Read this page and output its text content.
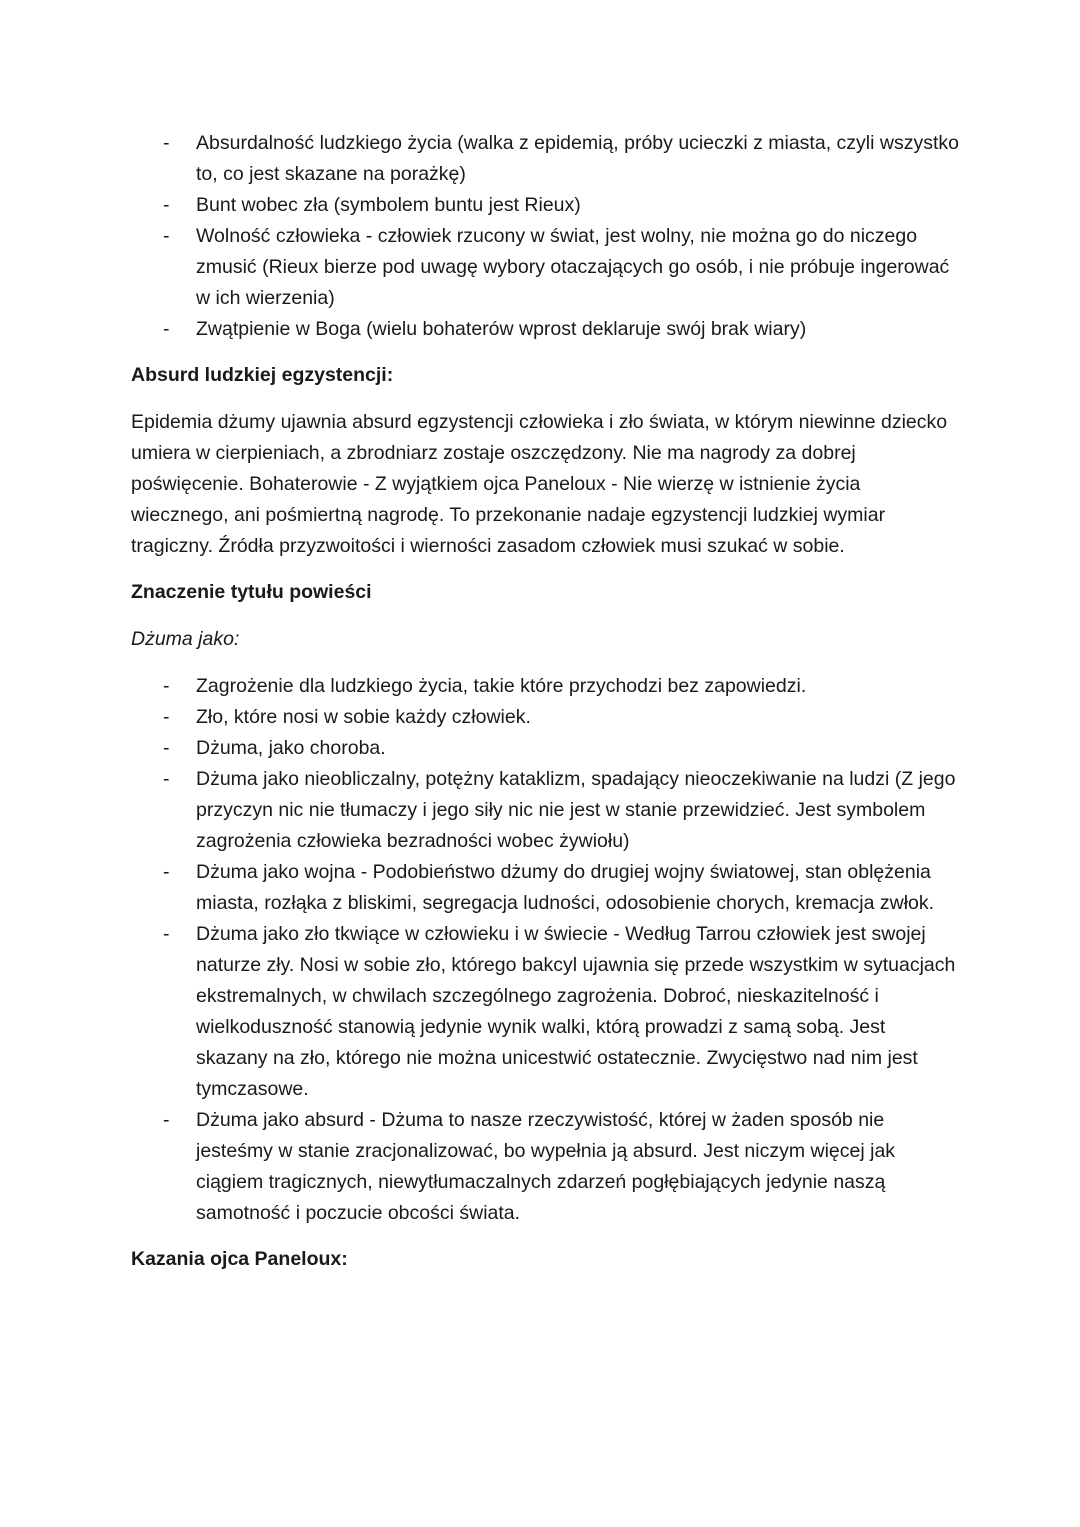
- Absurdalność ludzkiego życia (walka z epidemią, próby ucieczki z miasta, czyli wszystko to, co jest skazane na porażkę)
- Bunt wobec zła (symbolem buntu jest Rieux)
- Wolność człowieka - człowiek rzucony w świat, jest wolny, nie można go do niczego zmusić (Rieux bierze pod uwagę wybory otaczających go osób, i nie próbuje ingerować w ich wierzenia)
- Zwątpienie w Boga (wielu bohaterów wprost deklaruje swój brak wiary)

Absurd ludzkiej egzystencji:

Epidemia dżumy ujawnia absurd egzystencji człowieka i zło świata, w którym niewinne dziecko umiera w cierpieniach, a zbrodniarz zostaje oszczędzony. Nie ma nagrody za dobrej poświęcenie. Bohaterowie - Z wyjątkiem ojca Paneloux - Nie wierzę w istnienie życia wiecznego, ani pośmiertną nagrodę. To przekonanie nadaje egzystencji ludzkiej wymiar tragiczny. Źródła przyzwoitości i wierności zasadom człowiek musi szukać w sobie.

Znaczenie tytułu powieści

Dżuma jako:

- Zagrożenie dla ludzkiego życia, takie które przychodzi bez zapowiedzi.
- Zło, które nosi w sobie każdy człowiek.
- Dżuma, jako choroba.
- Dżuma jako nieobliczalny, potężny kataklizm, spadający nieoczekiwanie na ludzi (Z jego przyczyn nic nie tłumaczy i jego siły nic nie jest w stanie przewidzieć. Jest symbolem zagrożenia człowieka bezradności wobec żywiołu)
- Dżuma jako wojna - Podobieństwo dżumy do drugiej wojny światowej, stan oblężenia miasta, rozłąka z bliskimi, segregacja ludności, odosobienie chorych, kremacja zwłok.
- Dżuma jako zło tkwiące w człowieku i w świecie - Według Tarrou człowiek jest swojej naturze zły. Nosi w sobie zło, którego bakcyl ujawnia się przede wszystkim w sytuacjach ekstremalnych, w chwilach szczególnego zagrożenia. Dobroć, nieskazitelność i wielkoduszność stanowią jedynie wynik walki, którą prowadzi z samą sobą. Jest skazany na zło, którego nie można unicestwić ostatecznie. Zwycięstwo nad nim jest tymczasowe.
- Dżuma jako absurd - Dżuma to nasze rzeczywistość, której w żaden sposób nie jesteśmy w stanie zracjonalizować, bo wypełnia ją absurd. Jest niczym więcej jak ciągiem tragicznych, niewytłumaczalnych zdarzeń pogłębiających jedynie naszą samotność i poczucie obcości świata.

Kazania ojca Paneloux:
